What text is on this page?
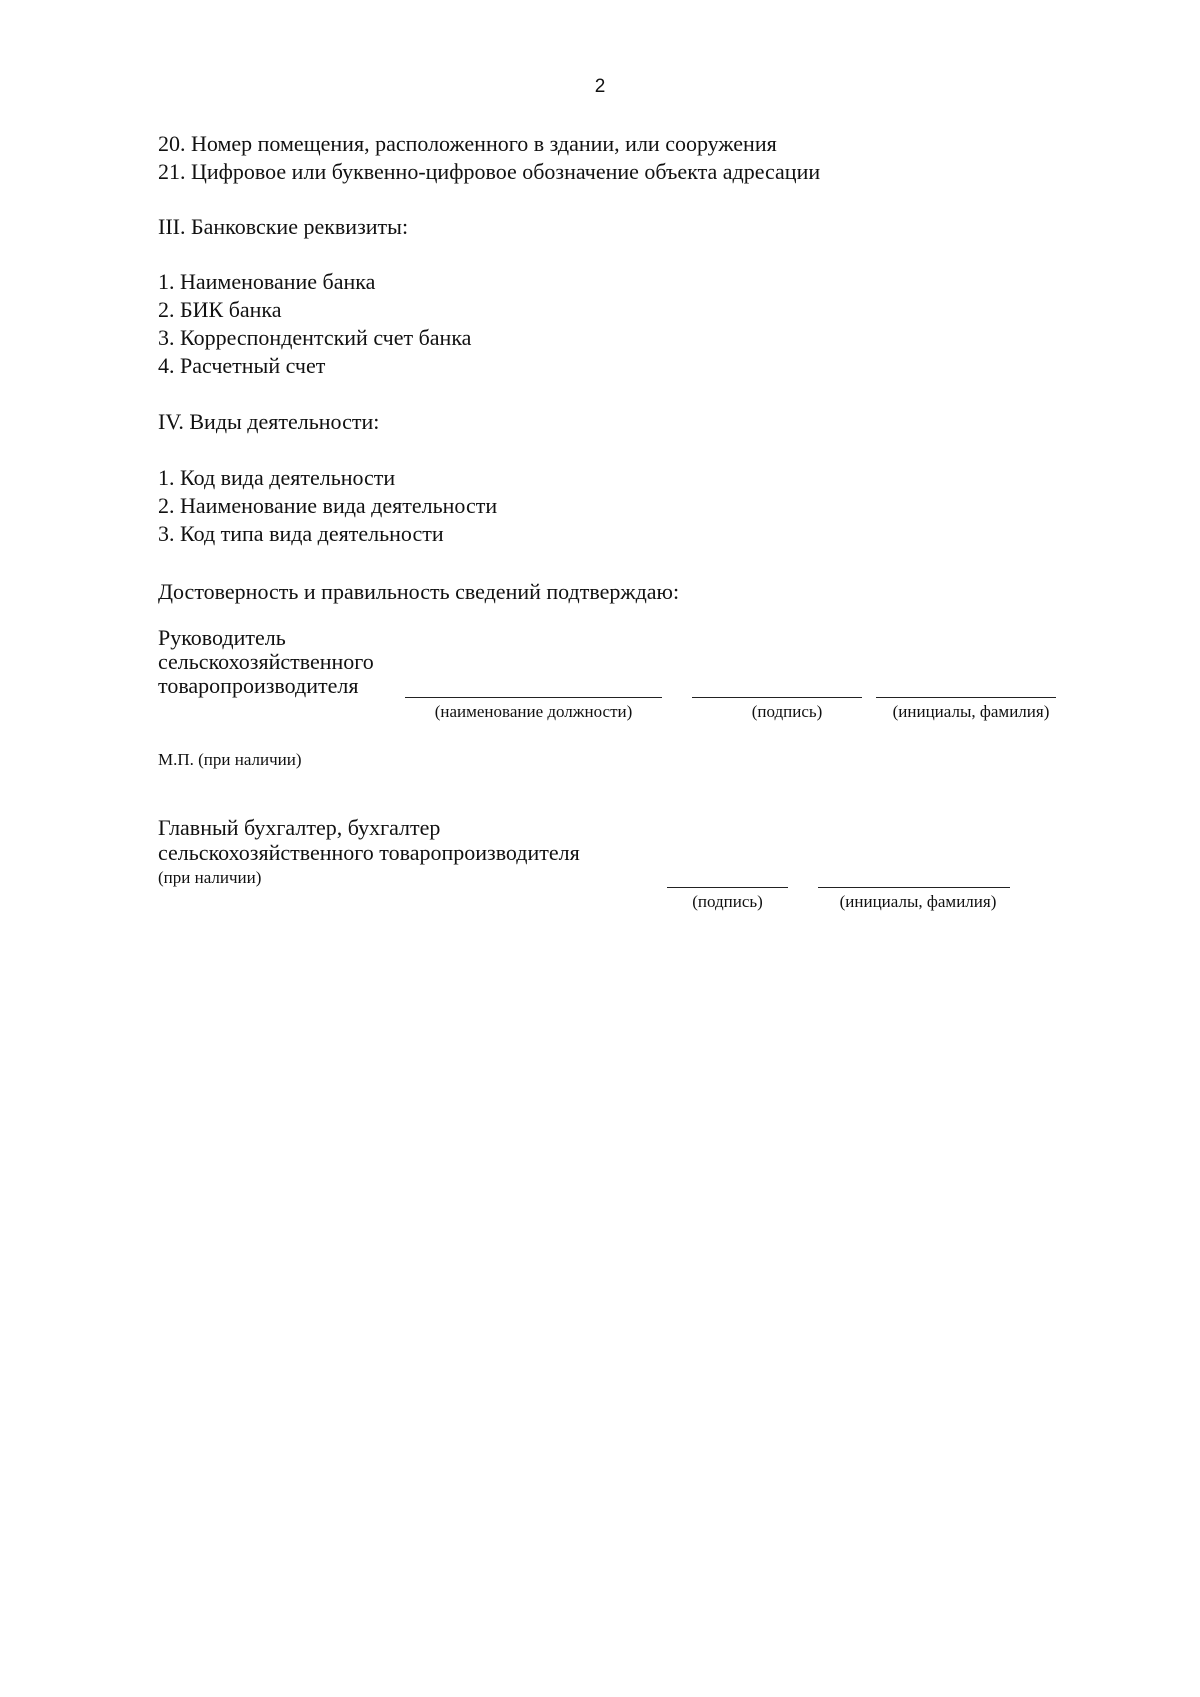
2
20. Номер помещения, расположенного в здании, или сооружения
21. Цифровое или буквенно-цифровое обозначение объекта адресации
III. Банковские реквизиты:
1. Наименование банка
2. БИК банка
3. Корреспондентский счет банка
4. Расчетный счет
IV. Виды деятельности:
1. Код вида деятельности
2. Наименование вида деятельности
3. Код типа вида деятельности
Достоверность и правильность сведений подтверждаю:
Руководитель
сельскохозяйственного
товаропроизводителя
(наименование должности)	(подпись)	(инициалы, фамилия)
М.П. (при наличии)
Главный бухгалтер, бухгалтер
сельскохозяйственного товаропроизводителя
(при наличии)
(подпись)	(инициалы, фамилия)
